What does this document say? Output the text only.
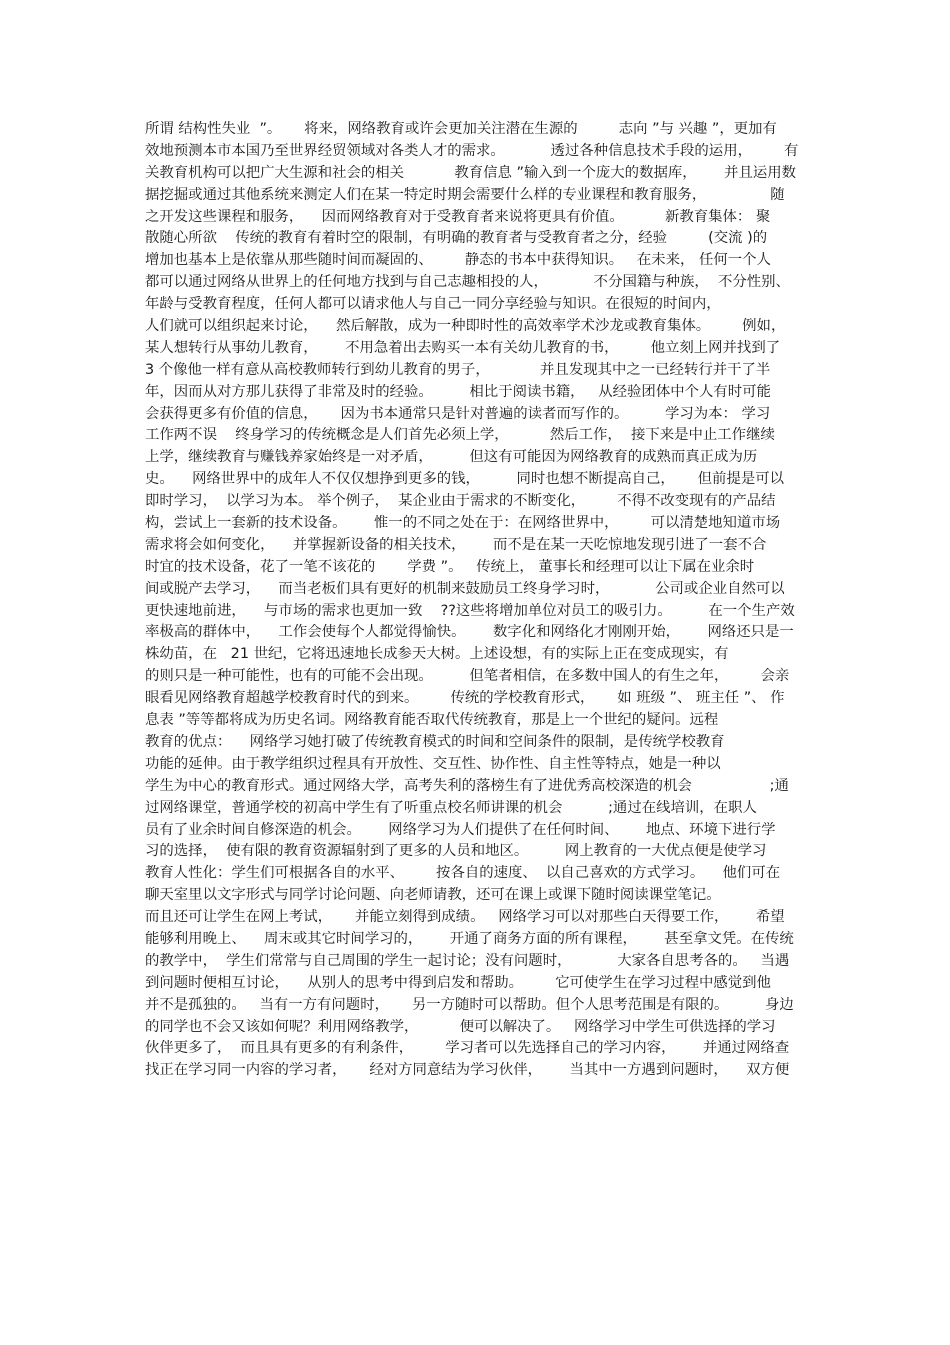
所谓 结构性失业  ”。     将来，网络教育或许会更加关注潜在生源的         志向 ”与 兴趣 ”，更加有
效地预测本市本国乃至世界经贸领域对各类人才的需求。          透过各种信息技术手段的运用，       有
关教育机构可以把广大生源和社会的相关           教育信息 ”输入到一个庞大的数据库，      并且运用数
据挖掘或通过其他系统来测定人们在某一特定时期会需要什么样的专业课程和教育服务，              随
之开发这些课程和服务，    因而网络教育对于受教育者来说将更具有价值。         新教育集体： 聚
散随心所欲    传统的教育有着时空的限制，有明确的教育者与受教育者之分，经验         (交流 )的
增加也基本上是依靠从那些随时间而凝固的、       静态的书本中获得知识。   在未来， 任何一个人
都可以通过网络从世界上的任何地方找到与自己志趣相投的人，          不分国籍与种族，  不分性别、
年龄与受教育程度，任何人都可以请求他人与自己一同分享经验与知识。在很短的时间内，
人们就可以组织起来讨论，    然后解散，成为一种即时性的高效率学术沙龙或教育集体。       例如，
某人想转行从事幼儿教育，      不用急着出去购买一本有关幼儿教育的书，       他立刻上网并找到了
3 个像他一样有意从高校教师转行到幼儿教育的男子，           并且发现其中之一已经转行并干了半
年，因而从对方那儿获得了非常及时的经验。        相比于阅读书籍，   从经验团体中个人有时可能
会获得更多有价值的信息，     因为书本通常只是针对普遍的读者而写作的。        学习为本： 学习
工作两不误    终身学习的传统概念是人们首先必须上学，         然后工作，  接下来是中止工作继续
上学，继续教育与赚钱养家始终是一对矛盾，        但这有可能因为网络教育的成熟而真正成为历
史。    网络世界中的成年人不仅仅想挣到更多的钱，        同时也想不断提高自己，     但前提是可以
即时学习，  以学习为本。 举个例子，  某企业由于需求的不断变化，       不得不改变现有的产品结
构，尝试上一套新的技术设备。      惟一的不同之处在于：在网络世界中，       可以清楚地知道市场
需求将会如何变化，    并掌握新设备的相关技术，      而不是在某一天吃惊地发现引进了一套不合
时宜的技术设备，花了一笔不该花的       学费 ”。   传统上， 董事长和经理可以让下属在业余时
间或脱产去学习，    而当老板们具有更好的机制来鼓励员工终身学习时，          公司或企业自然可以
更快速地前进，    与市场的需求也更加一致    ??这些将增加单位对员工的吸引力。        在一个生产效
率极高的群体中，    工作会使每个人都觉得愉快。      数字化和网络化才刚刚开始，      网络还只是一
株幼苗，在   21 世纪，它将迅速地长成参天大树。上述设想，有的实际上正在变成现实，有
的则只是一种可能性，也有的可能不会出现。        但笔者相信，在多数中国人的有生之年，       会亲
眼看见网络教育超越学校教育时代的到来。       传统的学校教育形式，     如 班级 ”、 班主任 ”、 作
息表 ”等等都将成为历史名词。网络教育能否取代传统教育，那是上一个世纪的疑问。远程
教育的优点：    网络学习她打破了传统教育模式的时间和空间条件的限制，是传统学校教育
功能的延伸。由于教学组织过程具有开放性、交互性、协作性、自主性等特点，她是一种以
学生为中心的教育形式。通过网络大学，高考失利的落榜生有了进优秀高校深造的机会                 ;通
过网络课堂，普通学校的初高中学生有了听重点校名师讲课的机会          ;通过在线培训，在职人
员有了业余时间自修深造的机会。      网络学习为人们提供了在任何时间、      地点、环境下进行学
习的选择，  使有限的教育资源辐射到了更多的人员和地区。        网上教育的一大优点便是使学习
教育人性化：学生们可根据各自的水平、       按各自的速度、  以自己喜欢的方式学习。    他们可在
聊天室里以文字形式与同学讨论问题、向老师请教，还可在课上或课下随时阅读课堂笔记。
而且还可让学生在网上考试，     并能立刻得到成绩。   网络学习可以对那些白天得要工作，      希望
能够利用晚上、    周末或其它时间学习的，      开通了商务方面的所有课程，      甚至拿文凭。在传统
的教学中，  学生们常常与自己周围的学生一起讨论；没有问题时，          大家各自思考各的。   当遇
到问题时便相互讨论，    从别人的思考中得到启发和帮助。       它可使学生在学习过程中感觉到他
并不是孤独的。   当有一方有问题时，     另一方随时可以帮助。但个人思考范围是有限的。        身边
的同学也不会又该如何呢？利用网络教学，         便可以解决了。   网络学习中学生可供选择的学习
伙伴更多了，  而且具有更多的有利条件，       学习者可以先选择自己的学习内容，      并通过网络查
找正在学习同一内容的学习者，     经对方同意结为学习伙伴，      当其中一方遇到问题时，    双方便
